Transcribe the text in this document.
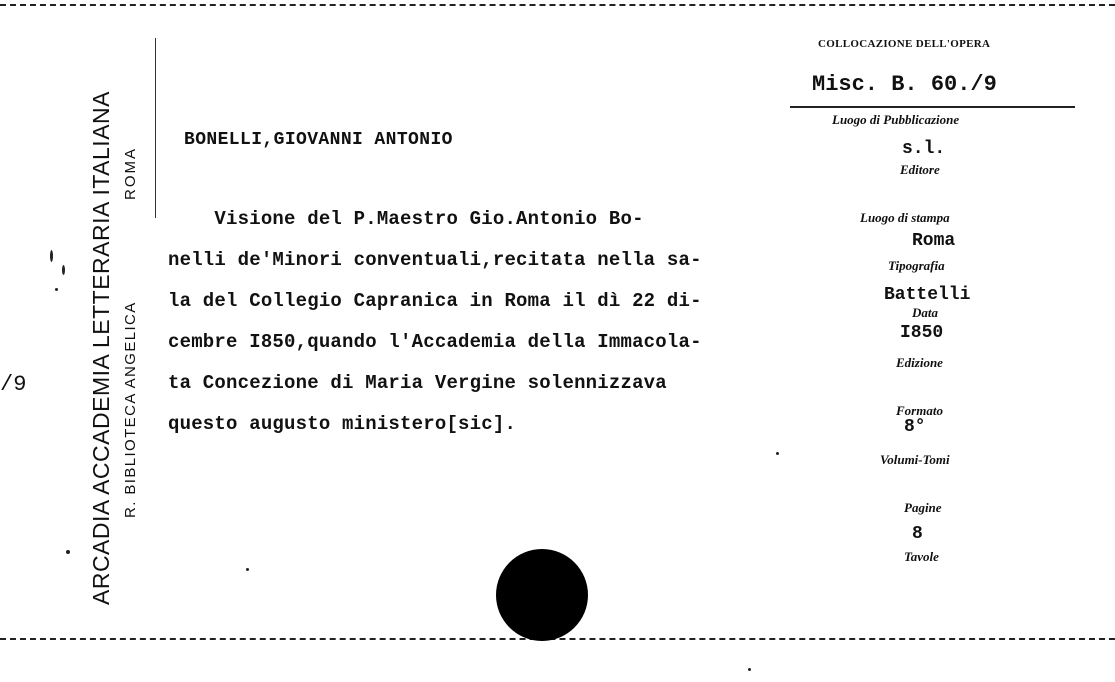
/9	ARCADIA ACCADEMIA LETTERARIA ITALIANA R. BIBLIOTECA ANGELICA
ROMA
BONELLI,GIOVANNI ANTONIO
Visione del P.Maestro Gio.Antonio Bo-
nelli de'Minori conventuali,recitata nella sa-
la del Collegio Capranica in Roma il dì 22 di-
cembre I850,quando l'Accademia della Immacola-
ta Concezione di Maria Vergine solennizzava
questo augusto ministero[sic].
COLLOCAZIONE DELL'OPERA
Misc. B. 60./9
Luogo di Pubblicazione
s.l.
Editore
Luogo di stampa
Roma
Tipografia
Battelli
Data
I850
Edizione
Formato
8°
Volumi-Tomi
Pagine
8
Tavole
